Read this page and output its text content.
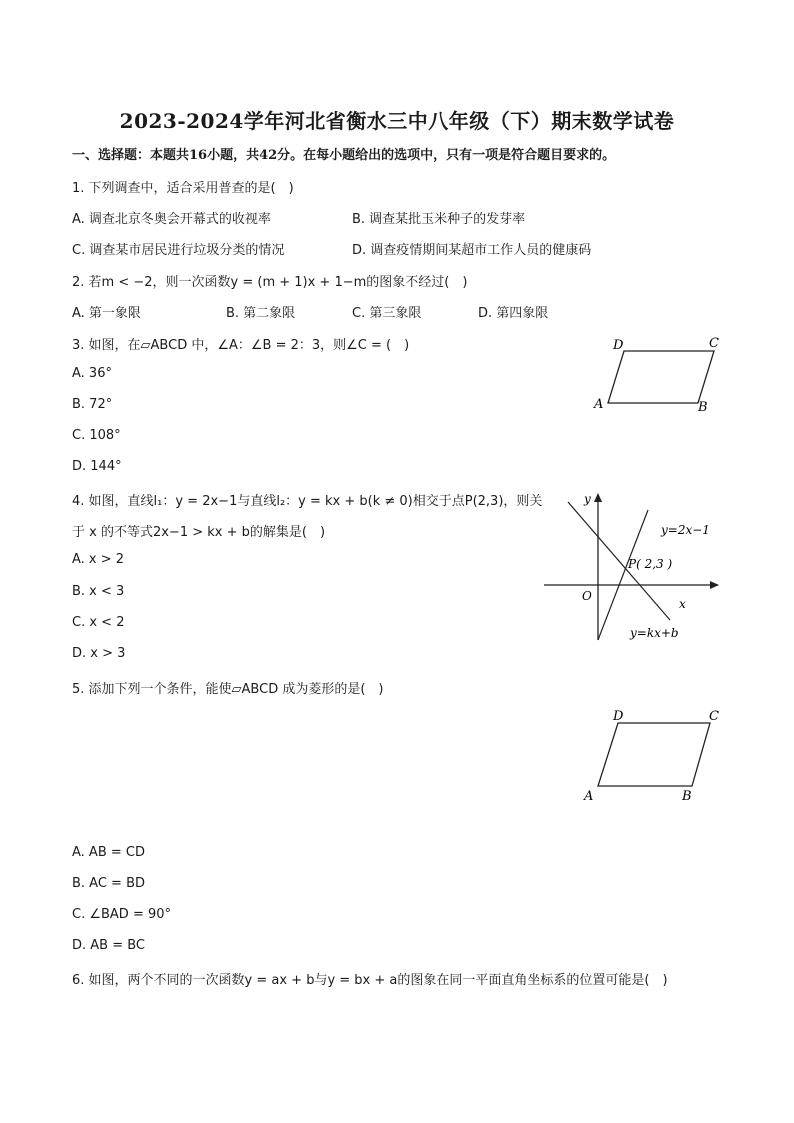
2023-2024学年河北省衡水三中八年级（下）期末数学试卷
一、选择题：本题共16小题，共42分。在每小题给出的选项中，只有一项是符合题目要求的。
1. 下列调查中，适合采用普查的是(　)
A. 调查北京冬奥会开幕式的收视率	B. 调查某批玉米种子的发芽率
C. 调查某市居民进行垃圾分类的情况	D. 调查疫情期间某超市工作人员的健康码
2. 若m < −2，则一次函数y = (m + 1)x + 1−m的图象不经过(　)
A. 第一象限	B. 第二象限	C. 第三象限	D. 第四象限
3. 如图，在▱ABCD 中，∠A：∠B = 2：3，则∠C = (　)
A. 36°
B. 72°
C. 108°
D. 144°
A	B
C
D
4. 如图，直线l₁：y = 2x−1与直线l₂：y = kx + b(k ≠ 0)相交于点P(2,3)，则关
于 x 的不等式2x−1 > kx + b的解集是(　)
A. x > 2
B. x < 3
C. x < 2
D. x > 3
y
x
O
y=2x−1
P( 2,3 )
y=kx+b
5. 添加下列一个条件，能使▱ABCD 成为菱形的是(　)
A	B
C
D
A. AB = CD
B. AC = BD
C. ∠BAD = 90°
D. AB = BC
6. 如图，两个不同的一次函数y = ax + b与y = bx + a的图象在同一平面直角坐标系的位置可能是(　)
